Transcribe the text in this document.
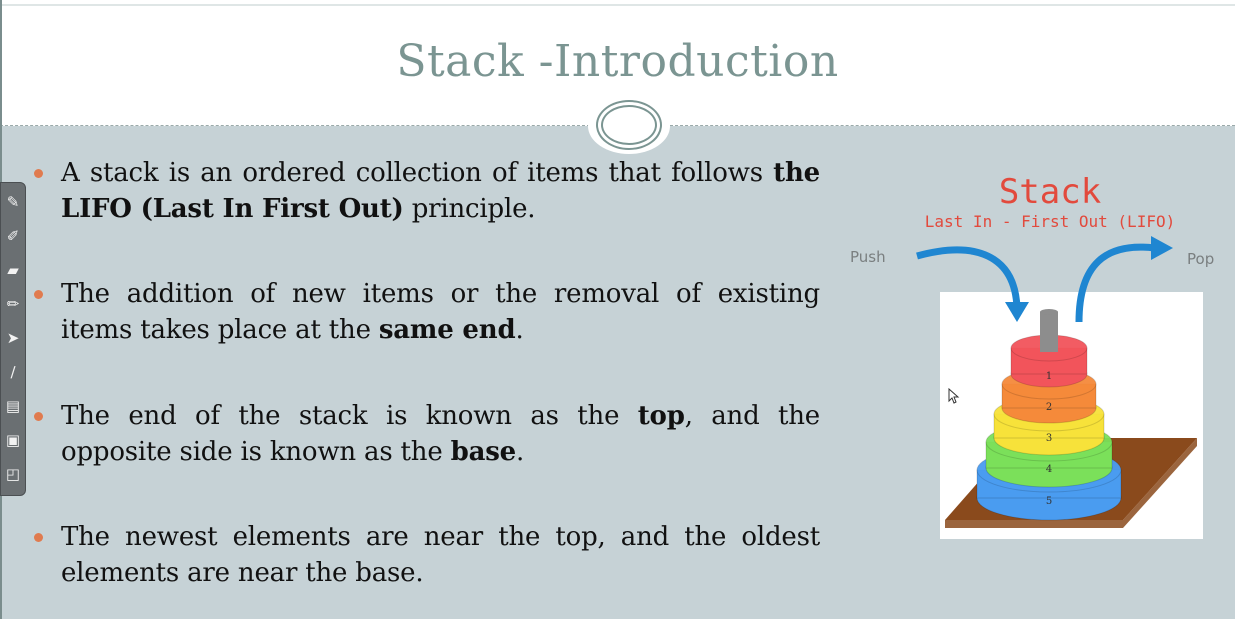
Stack -Introduction
A stack is an ordered collection of items that follows the LIFO (Last In First Out) principle.
The addition of new items or the removal of existing items takes place at the same end.
The end of the stack is known as the top, and the opposite side is known as the base.
The newest elements are near the top, and the oldest elements are near the base.
✎
✐
▰
✏
➤
∕
▤
▣
◰
Stack
Last In - First Out (LIFO)
Push	Pop
5
4
3
2
1
